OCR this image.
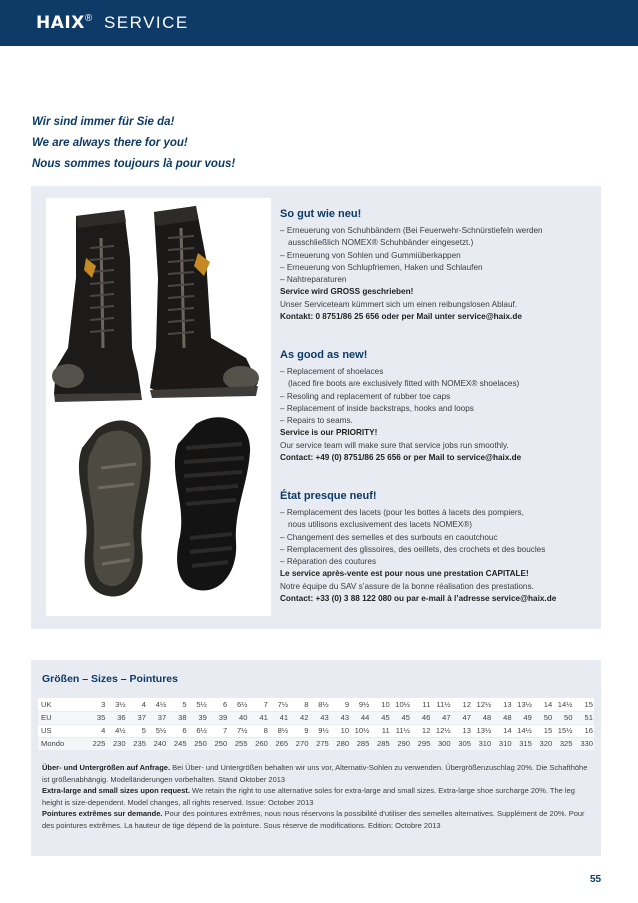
HAIX® SERVICE
Wir sind immer für Sie da!
We are always there for you!
Nous sommes toujours là pour vous!
So gut wie neu!
– Erneuerung von Schuhbändern (Bei Feuerwehr-Schnürstiefeln werden
ausschließlich NOMEX® Schuhbänder eingesetzt.)
– Erneuerung von Sohlen und Gummiüberkappen
– Erneuerung von Schlupfriemen, Haken und Schlaufen
– Nahtreparaturen
Service wird GROSS geschrieben!
Unser Serviceteam kümmert sich um einen reibungslosen Ablauf.
Kontakt: 0 8751/86 25 656 oder per Mail unter service@haix.de
As good as new!
– Replacement of shoelaces
(laced fire boots are exclusively fitted with NOMEX® shoelaces)
– Resoling and replacement of rubber toe caps
– Replacement of inside backstraps, hooks and loops
– Repairs to seams.
Service is our PRIORITY!
Our service team will make sure that service jobs run smoothly.
Contact: +49 (0) 8751/86 25 656 or per Mail to service@haix.de
État presque neuf!
– Remplacement des lacets (pour les bottes à lacets des pompiers,
nous utilisons exclusivement des lacets NOMEX®)
– Changement des semelles et des surbouts en caoutchouc
– Remplacement des glissoires, des oeillets, des crochets et des boucles
– Réparation des coutures
Le service après-vente est pour nous une prestation CAPITALE!
Notre équipe du SAV s’assure de la bonne réalisation des prestations.
Contact: +33 (0) 3 88 122 080 ou par e-mail à l’adresse service@haix.de
Größen – Sizes – Pointures
UK	3	3½	4	4½	5	5½	6	6½	7	7½	8	8½	9	9½	10	10½	11	11½	12	12½	13	13½	14	14½	15
EU	35	36	37	37	38	39	39	40	41	41	42	43	43	44	45	45	46	47	47	48	48	49	50	50	51
US	4	4½	5	5½	6	6½	7	7½	8	8½	9	9½	10	10½	11	11½	12	12½	13	13½	14	14½	15	15½	16
Mondo	225	230	235	240	245	250	250	255	260	265	270	275	280	285	285	290	295	300	305	310	310	315	320	325	330

Über- und Untergrößen auf Anfrage. Bei Über- und Untergrößen behalten wir uns vor, Alternativ-Sohlen zu verwenden. Übergrößenzuschlag 20%. Die Schafthöhe ist größenabhängig. Modelländerungen vorbehalten. Stand Oktober 2013

Extra-large and small sizes upon request. We retain the right to use alternative soles for extra-large and small sizes. Extra-large shoe surcharge 20%. The leg height is size-dependent. Model changes, all rights reserved. Issue: October 2013

Pointures extrêmes sur demande. Pour des pointures extrêmes, nous nous réservons la possibilité d'utiliser des semelles alternatives. Supplément de 20%. Pour des pointures extrêmes. La hauteur de tige dépend de la pointure. Sous réserve de modifications. Edition: Octobre 2013

55
